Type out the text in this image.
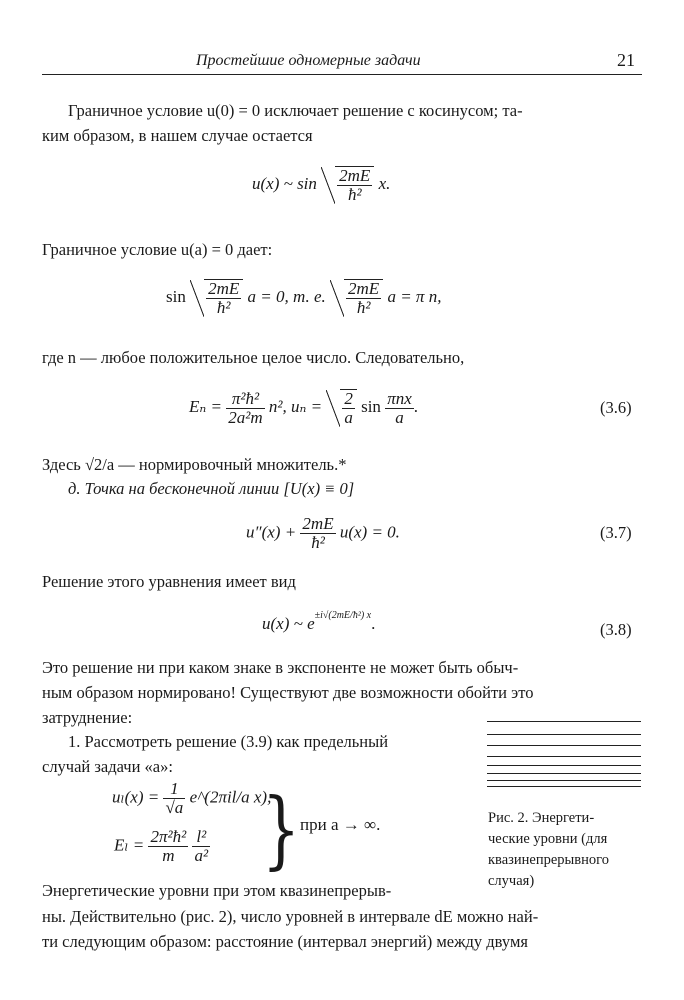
Простейшие одномерные задачи	21
Граничное условие u(0) = 0 исключает решение с косинусом; та-
ким образом, в нашем случае остается
u(x) ~ $\sin \frac{2mE}{\text{ħ²}} x$.
Граничное условие u(a) = 0 дает:
$\sin \frac{2mE}{\text{ħ²}}$ a = 0, т. е. $\frac{2mE}{\text{ħ²}}$ a = π n,
где n — любое положительное целое число. Следовательно,
$E_n = \frac{\text{π²ħ²}}{\text{2a²m}} n^2$, $u_n = \frac{2}{a}$ $\sin \frac{\text{πnx}}{a}$ .	(3.6)
Здесь √2/a — нормировочный множитель.*
д. Точка на бесконечной линии [U(x) ≡ 0]
$u''(x) + \frac{2mE}{\text{ħ²}} u(x) = 0$.	(3.7)
Решение этого уравнения имеет вид
u(x) ~ $e^{\pm i√(2mE/ħ^2) x}$.	(3.8)
Это решение ни при каком знаке в экспоненте не может быть обыч-
ным образом нормировано! Существуют две возможности обойти это
затруднение:
1. Рассмотреть решение (3.9) как предельный
случай задачи «а»:
$u_l(x) = \frac{1}{√a}$ e^(2πil/a x),
$E_l = \frac{\text{2π²ħ²}}{m}$
$\frac{\text{l²}}{\text{a²}}$ } при a → ∞.	Рис. 2. Энергети-
ческие уровни (для
квазинепрерывного
случая)
Энергетические уровни при этом квазинепрерыв-
ны. Действительно (рис. 2), число уровней в интервале dE можно най-
ти следующим образом: расстояние (интервал энергий) между двумя
